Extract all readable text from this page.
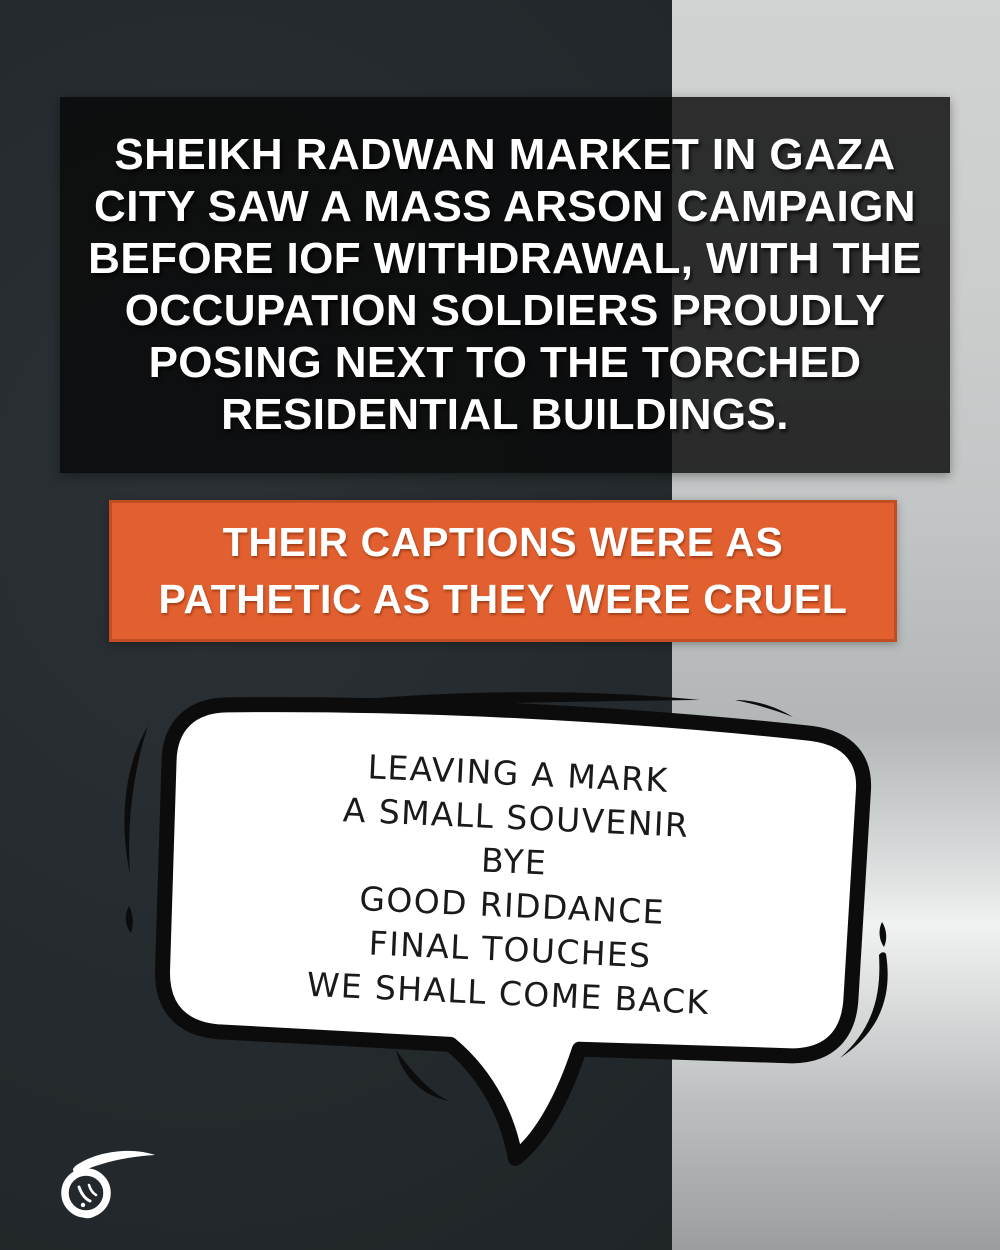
SHEIKH RADWAN MARKET IN GAZA
CITY SAW A MASS ARSON CAMPAIGN
BEFORE IOF WITHDRAWAL, WITH THE
OCCUPATION SOLDIERS PROUDLY
POSING NEXT TO THE TORCHED
RESIDENTIAL BUILDINGS.
THEIR CAPTIONS WERE AS
PATHETIC AS THEY WERE CRUEL
LEAVING A MARK
A SMALL SOUVENIR
BYE
GOOD RIDDANCE
FINAL TOUCHES
WE SHALL COME BACK
